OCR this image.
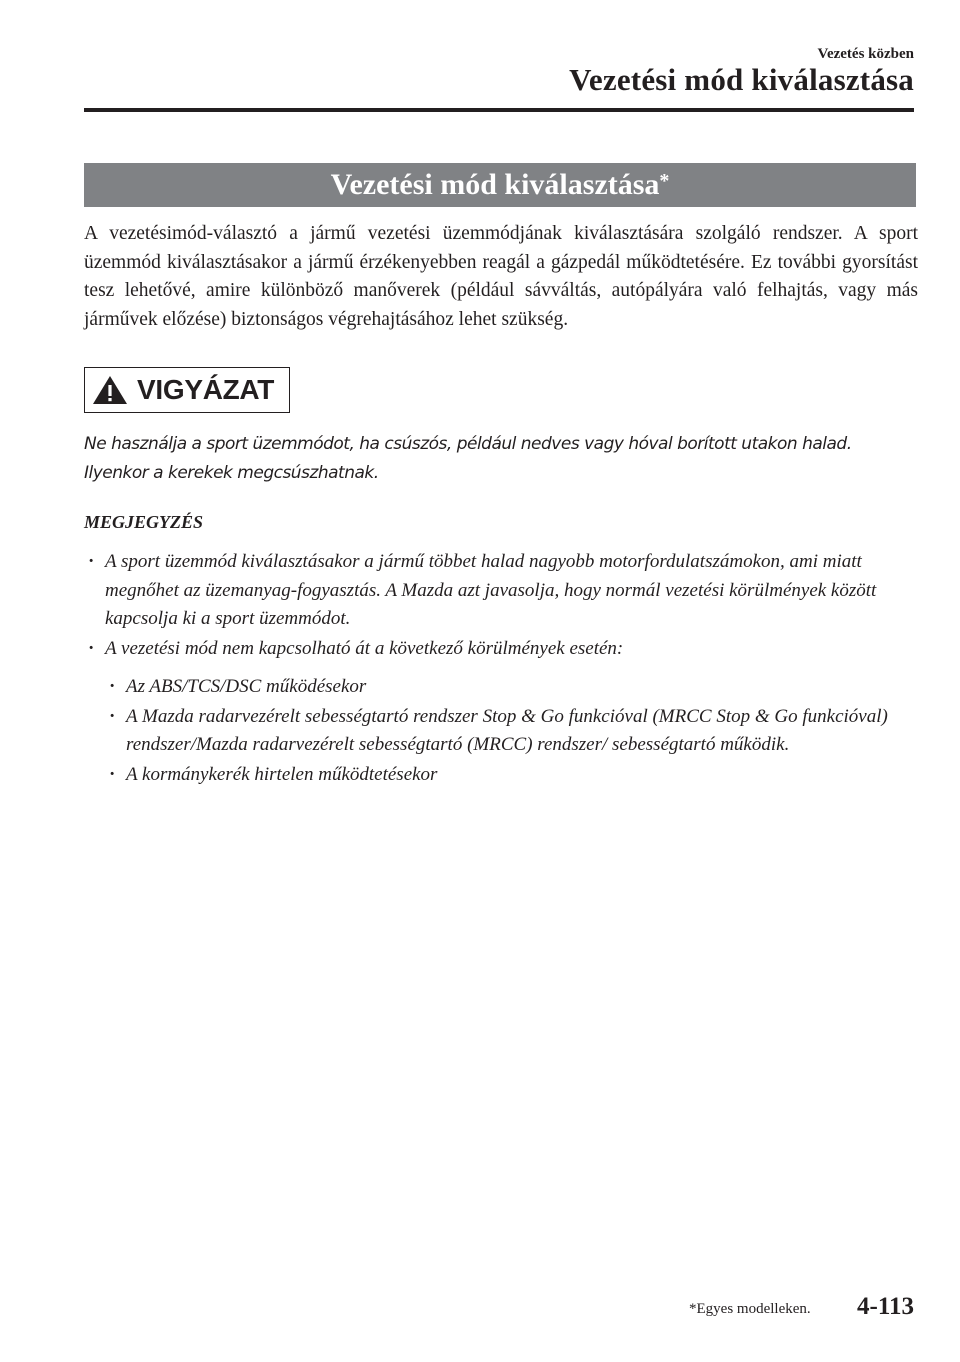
Vezetés közben
Vezetési mód kiválasztása
Vezetési mód kiválasztása*

A vezetésimód-választó a jármű vezetési üzemmódjának kiválasztására szolgáló rendszer. A sport üzemmód kiválasztásakor a jármű érzékenyebben reagál a gázpedál működtetésére. Ez további gyorsítást tesz lehetővé, amire különböző manőverek (például sávváltás, autópályára való felhajtás, vagy más járművek előzése) biztonságos végrehajtásához lehet szükség.

VIGYÁZAT

Ne használja a sport üzemmódot, ha csúszós, például nedves vagy hóval borított utakon halad. Ilyenkor a kerekek megcsúszhatnak.

MEGJEGYZÉS
· A sport üzemmód kiválasztásakor a jármű többet halad nagyobb motorfordulatszámokon, ami miatt megnőhet az üzemanyag-fogyasztás. A Mazda azt javasolja, hogy normál vezetési körülmények között kapcsolja ki a sport üzemmódot.
· A vezetési mód nem kapcsolható át a következő körülmények esetén:
· Az ABS/TCS/DSC működésekor
· A Mazda radarvezérelt sebességtartó rendszer Stop & Go funkcióval (MRCC Stop & Go funkcióval) rendszer/Mazda radarvezérelt sebességtartó (MRCC) rendszer/ sebességtartó működik.
· A kormánykerék hirtelen működtetésekor
*Egyes modelleken. 4-113
